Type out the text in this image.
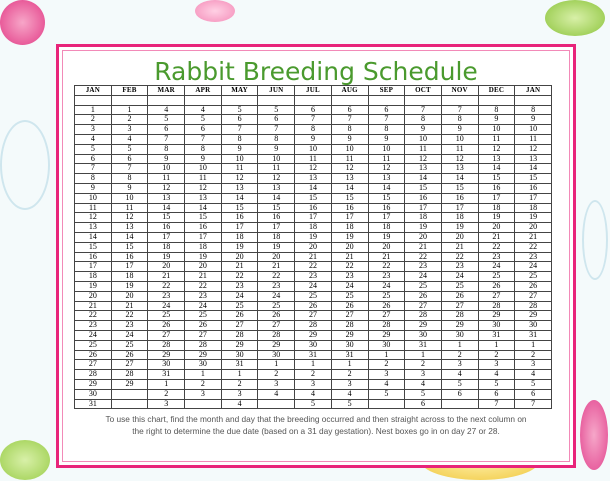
Rabbit Breeding Schedule
JAN	FEB	MAR	APR	MAY	JUN	JUL	AUG	SEP	OCT	NOV	DEC	JAN

1	1	4	4	5	5	6	6	6	7	7	8	8
2	2	5	5	6	6	7	7	7	8	8	9	9
3	3	6	6	7	7	8	8	8	9	9	10	10
4	4	7	7	8	8	9	9	9	10	10	11	11
5	5	8	8	9	9	10	10	10	11	11	12	12
6	6	9	9	10	10	11	11	11	12	12	13	13
7	7	10	10	11	11	12	12	12	13	13	14	14
8	8	11	11	12	12	13	13	13	14	14	15	15
9	9	12	12	13	13	14	14	14	15	15	16	16
10	10	13	13	14	14	15	15	15	16	16	17	17
11	11	14	14	15	15	16	16	16	17	17	18	18
12	12	15	15	16	16	17	17	17	18	18	19	19
13	13	16	16	17	17	18	18	18	19	19	20	20
14	14	17	17	18	18	19	19	19	20	20	21	21
15	15	18	18	19	19	20	20	20	21	21	22	22
16	16	19	19	20	20	21	21	21	22	22	23	23
17	17	20	20	21	21	22	22	22	23	23	24	24
18	18	21	21	22	22	23	23	23	24	24	25	25
19	19	22	22	23	23	24	24	24	25	25	26	26
20	20	23	23	24	24	25	25	25	26	26	27	27
21	21	24	24	25	25	26	26	26	27	27	28	28
22	22	25	25	26	26	27	27	27	28	28	29	29
23	23	26	26	27	27	28	28	28	29	29	30	30
24	24	27	27	28	28	29	29	29	30	30	31	31
25	25	28	28	29	29	30	30	30	31	1	1	1
26	26	29	29	30	30	31	31	1	1	2	2	2
27	27	30	30	31	1	1	1	2	2	3	3	3
28	28	31	1	1	2	2	2	3	3	4	4	4
29	29	1	2	2	3	3	3	4	4	5	5	5
30		2	3	3	4	4	4	5	5	6	6	6
31		3		4		5	5		6		7	7
To use this chart, find the month and day that the breeding occurred and then straight across to the next column on
the right to determine the due date (based on a 31 day gestation). Nest boxes go in on day 27 or 28.
